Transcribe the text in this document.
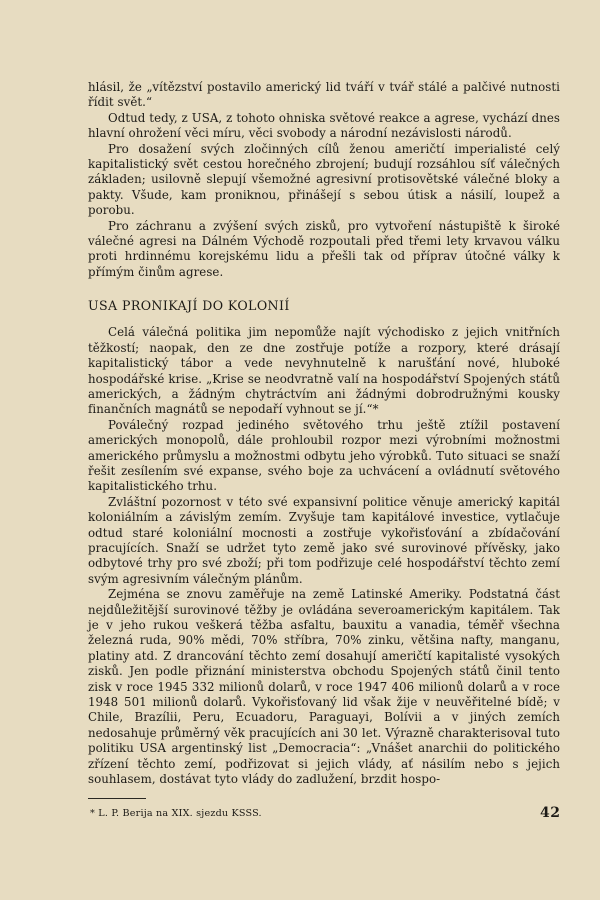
hlásil, že „vítězství postavilo americký lid tváří v tvář stálé a palčivé nutnosti řídit svět.“

Odtud tedy, z USA, z tohoto ohniska světové reakce a agrese, vychází dnes hlavní ohrožení věci míru, věci svobody a národní nezávislosti národů.

Pro dosažení svých zločinných cílů ženou američtí imperialisté celý kapitalistický svět cestou horečného zbrojení; budují rozsáhlou síť válečných základen; usilovně slepují všemožné agresivní protisovětské válečné bloky a pakty. Všude, kam proniknou, přinášejí s sebou útisk a násilí, loupež a porobu.

Pro záchranu a zvýšení svých zisků, pro vytvoření nástupiště k široké válečné agresi na Dálném Východě rozpoutali před třemi lety krvavou válku proti hrdinnému korejskému lidu a přešli tak od příprav útočné války k přímým činům agrese.

USA PRONIKAJÍ DO KOLONIÍ

Celá válečná politika jim nepomůže najít východisko z jejich vnitřních těžkostí; naopak, den ze dne zostřuje potíže a rozpory, které drásají kapitalistický tábor a vede nevyhnutelně k narušťání nové, hluboké hospodářské krise. „Krise se neodvratně valí na hospodářství Spojených států amerických, a žádným chytráctvím ani žádnými dobrodružnými kousky finančních magnátů se nepodaří vyhnout se jí.“*

Poválečný rozpad jediného světového trhu ještě ztížil postavení amerických monopolů, dále prohloubil rozpor mezi výrobními možnostmi amerického průmyslu a možnostmi odbytu jeho výrobků. Tuto situaci se snaží řešit zesílením své expanse, svého boje za uchvácení a ovládnutí světového kapitalistického trhu.

Zvláštní pozornost v této své expansivní politice věnuje americký kapitál koloniálním a závislým zemím. Zvyšuje tam kapitálové investice, vytlačuje odtud staré koloniální mocnosti a zostřuje vykořisťování a zbídačování pracujících. Snaží se udržet tyto země jako své surovinové přívěsky, jako odbytové trhy pro své zboží; při tom podřizuje celé hospodářství těchto zemí svým agresivním válečným plánům.

Zejména se znovu zaměřuje na země Latinské Ameriky. Podstatná část nejdůležitější surovinové těžby je ovládána severoamerickým kapitálem. Tak je v jeho rukou veškerá těžba asfaltu, bauxitu a vanadia, téměř všechna železná ruda, 90% mědi, 70% stříbra, 70% zinku, většina nafty, manganu, platiny atd. Z drancování těchto zemí dosahují američtí kapitalisté vysokých zisků. Jen podle přiznání ministerstva obchodu Spojených států činil tento zisk v roce 1945 332 milionů dolarů, v roce 1947 406 milionů dolarů a v roce 1948 501 milionů dolarů. Vykořisťovaný lid však žije v neuvěřitelné bídě; v Chile, Brazílii, Peru, Ecuadoru, Paraguayi, Bolívii a v jiných zemích nedosahuje průměrný věk pracujících ani 30 let. Výrazně charakterisoval tuto politiku USA argentinský list „Democracia“: „Vnášet anarchii do politického zřízení těchto zemí, podřizovat si jejich vlády, ať násilím nebo s jejich souhlasem, dostávat tyto vlády do zadlužení, brzdit hospo-

* L. P. Berija na XIX. sjezdu KSSS.	42
